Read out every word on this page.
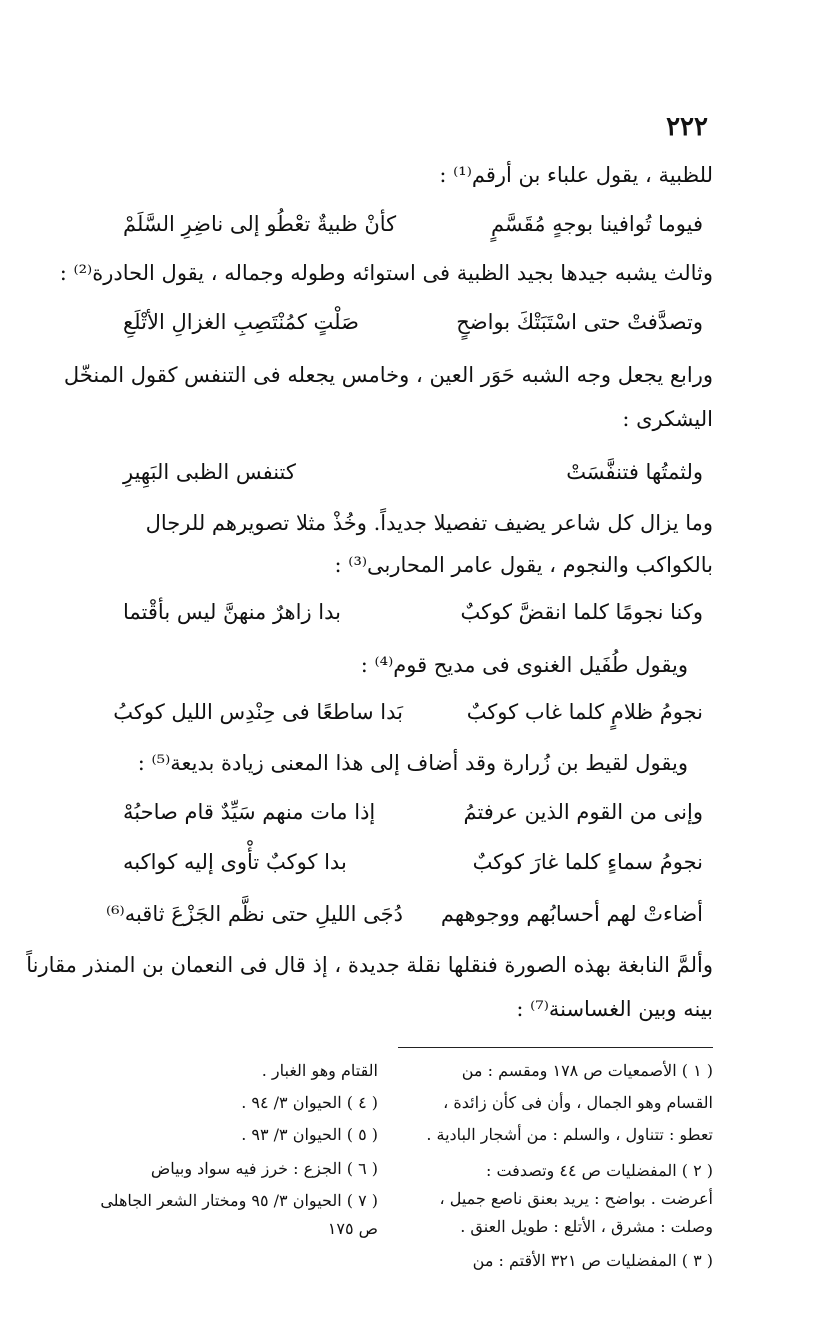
٢٢٢
للظبية ، يقول علباء بن أرقم⁽¹⁾ :
فيوما تُوافينا بوجهٍ مُقَسَّمٍ
كأنْ ظبيةٌ تعْطُو إلى ناضِرِ السَّلَمْ
وثالث يشبه جيدها بجيد الظبية فى استوائه وطوله وجماله ، يقول الحادرة⁽²⁾ :
وتصدَّفتْ حتى اسْتَبَتْكَ بواضحٍ
صَلْتٍ كمُنْتَصِبِ الغزالِ الأتْلَعِ
ورابع يجعل وجه الشبه حَوَر العين ، وخامس يجعله فى التنفس كقول المنخّل
اليشكرى :
ولثمتُها فتنفَّسَتْ
كتنفس الظبى البَهِيرِ
وما يزال كل شاعر يضيف تفصيلا جديداً. وخُذْ مثلا تصويرهم للرجال
بالكواكب والنجوم ، يقول عامر المحاربى⁽³⁾ :
وكنا نجومًا كلما انقضَّ كوكبٌ
بدا زاهرٌ منهنَّ ليس بأقْتما
ويقول طُفَيل الغنوى فى مديح قوم⁽⁴⁾ :
نجومُ ظلامٍ كلما غاب كوكبٌ
بَدا ساطعًا فى حِنْدِس الليل كوكبُ
ويقول لقيط بن زُرارة وقد أضاف إلى هذا المعنى زيادة بديعة⁽⁵⁾ :
وإنى من القوم الذين عرفتمُ
إذا مات منهم سَيِّدٌ قام صاحبُهْ
نجومُ سماءٍ كلما غارَ كوكبٌ
بدا كوكبٌ تأْوى إليه كواكبه
أضاءتْ لهم أحسابُهم ووجوههم
دُجَى الليلِ حتى نظَّم الجَزْعَ ثاقبه⁽⁶⁾
وألمَّ النابغة بهذه الصورة فنقلها نقلة جديدة ، إذ قال فى النعمان بن المنذر مقارناً
بينه وبين الغساسنة⁽⁷⁾ :
( ١ ) الأصمعيات ص ١٧٨ ومقسم : من
القسام وهو الجمال ، وأن فى كأن زائدة ،
تعطو : تتناول ، والسلم : من أشجار البادية .
( ٢ ) المفضليات ص ٤٤ وتصدفت :
أعرضت . بواضح : يريد بعنق ناصع جميل ،
وصلت : مشرق ، الأتلع : طويل العنق .
( ٣ ) المفضليات ص ٣٢١ الأقتم : من
القتام وهو الغبار .
( ٤ ) الحيوان ٣/ ٩٤ .
( ٥ ) الحيوان ٣/ ٩٣ .
( ٦ ) الجزع : خرز فيه سواد وبياض
( ٧ ) الحيوان ٣/ ٩٥ ومختار الشعر الجاهلى
ص ١٧٥
